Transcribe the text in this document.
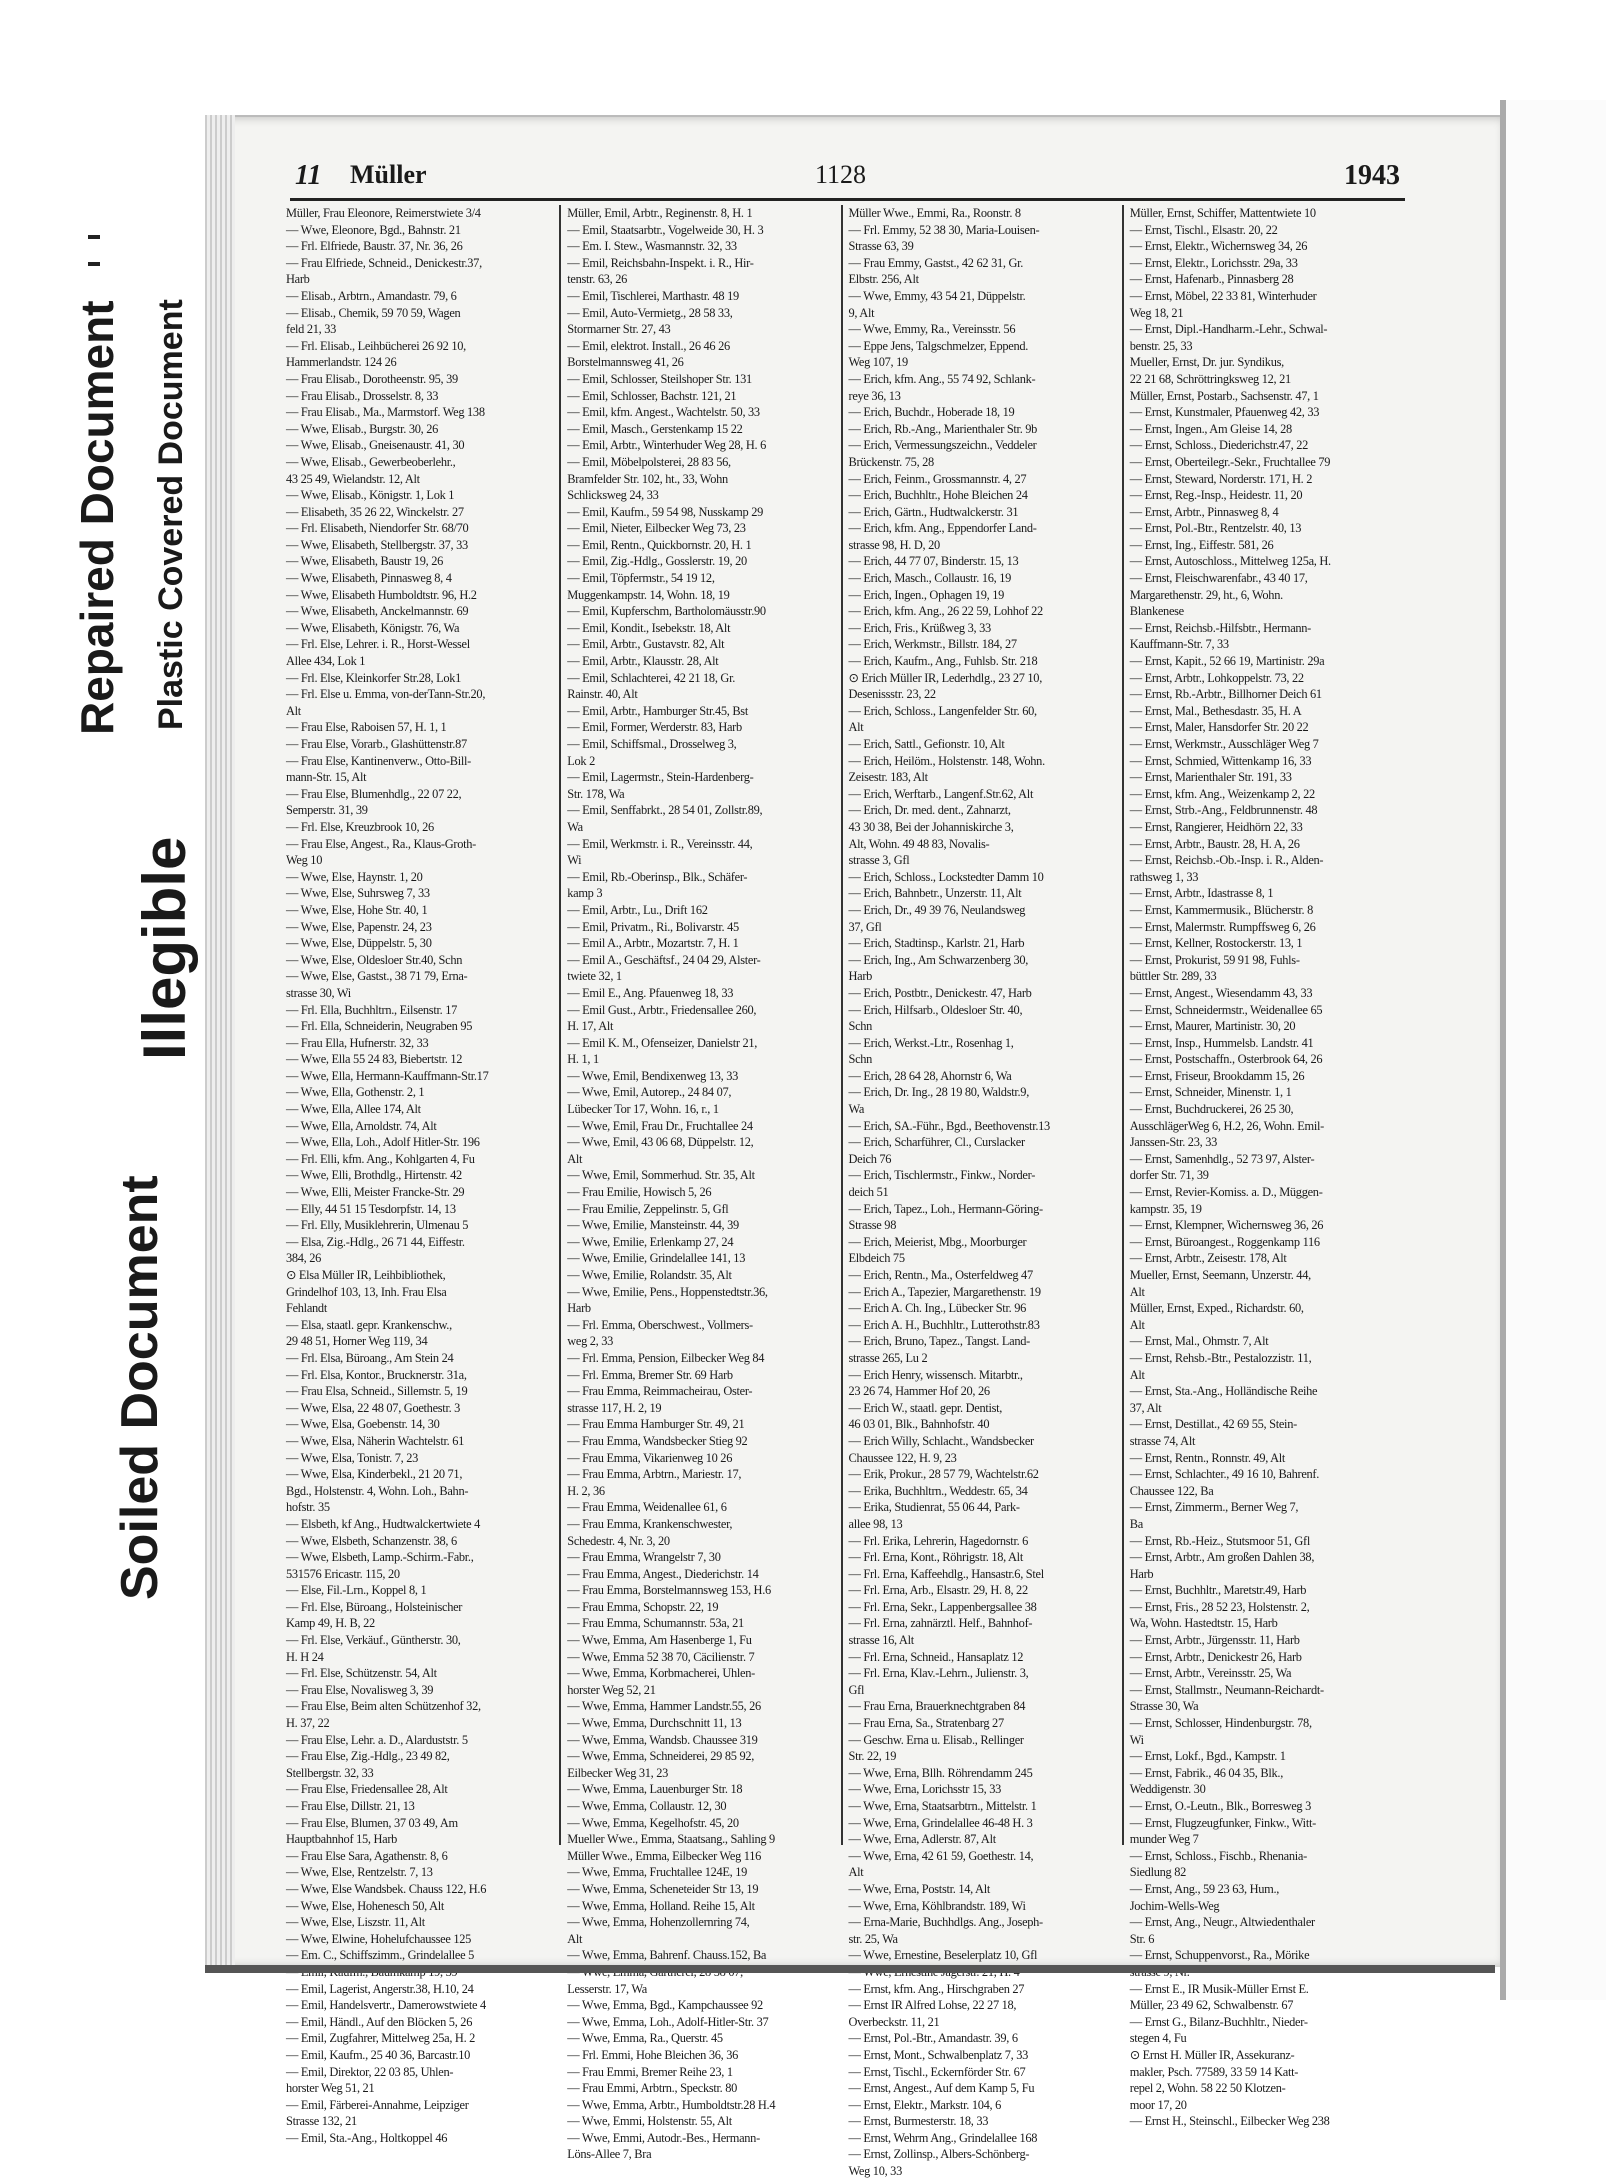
Repaired Document Plastic Covered Document
Illegible
Soiled Document
11 Müller	1128	1943
Müller, Frau Eleonore, Reimerstwiete 3/4
— Wwe, Eleonore, Bgd., Bahnstr. 21
— Frl. Elfriede, Baustr. 37, Nr. 36, 26
— Frau Elfriede, Schneid., Denickestr.37,
Harb
— Elisab., Arbtrn., Amandastr. 79, 6
— Elisab., Chemik, 59 70 59, Wagen
feld 21, 33
— Frl. Elisab., Leihbücherei 26 92 10,
Hammerlandstr. 124 26
— Frau Elisab., Dorotheenstr. 95, 39
— Frau Elisab., Drosselstr. 8, 33
— Frau Elisab., Ma., Marmstorf. Weg 138
— Wwe, Elisab., Burgstr. 30, 26
— Wwe, Elisab., Gneisenaustr. 41, 30
— Wwe, Elisab., Gewerbeoberlehr.,
43 25 49, Wielandstr. 12, Alt
— Wwe, Elisab., Königstr. 1, Lok 1
— Elisabeth, 35 26 22, Winckelstr. 27
— Frl. Elisabeth, Niendorfer Str. 68/70
— Wwe, Elisabeth, Stellbergstr. 37, 33
— Wwe, Elisabeth, Baustr 19, 26
— Wwe, Elisabeth, Pinnasweg 8, 4
— Wwe, Elisabeth Humboldtstr. 96, H.2
— Wwe, Elisabeth, Anckelmannstr. 69
— Wwe, Elisabeth, Königstr. 76, Wa
— Frl. Else, Lehrer. i. R., Horst-Wessel
Allee 434, Lok 1
— Frl. Else, Kleinkorfer Str.28, Lok1
— Frl. Else u. Emma, von-derTann-Str.20,
Alt
— Frau Else, Raboisen 57, H. 1, 1
— Frau Else, Vorarb., Glashüttenstr.87
— Frau Else, Kantinenverw., Otto-Bill-
mann-Str. 15, Alt
— Frau Else, Blumenhdlg., 22 07 22,
Semperstr. 31, 39
— Frl. Else, Kreuzbrook 10, 26
— Frau Else, Angest., Ra., Klaus-Groth-
Weg 10
— Wwe, Else, Haynstr. 1, 20
— Wwe, Else, Suhrsweg 7, 33
— Wwe, Else, Hohe Str. 40, 1
— Wwe, Else, Papenstr. 24, 23
— Wwe, Else, Düppelstr. 5, 30
— Wwe, Else, Oldesloer Str.40, Schn
— Wwe, Else, Gastst., 38 71 79, Erna-
strasse 30, Wi
— Frl. Ella, Buchhltrn., Eilsenstr. 17
— Frl. Ella, Schneiderin, Neugraben 95
— Frau Ella, Hufnerstr. 32, 33
— Wwe, Ella 55 24 83, Biebertstr. 12
— Wwe, Ella, Hermann-Kauffmann-Str.17
— Wwe, Ella, Gothenstr. 2, 1
— Wwe, Ella, Allee 174, Alt
— Wwe, Ella, Arnoldstr. 74, Alt
— Wwe, Ella, Loh., Adolf Hitler-Str. 196
— Frl. Elli, kfm. Ang., Kohlgarten 4, Fu
— Wwe, Elli, Brothdlg., Hirtenstr. 42
— Wwe, Elli, Meister Francke-Str. 29
— Elly, 44 51 15 Tesdorpfstr. 14, 13
— Frl. Elly, Musiklehrerin, Ulmenau 5
— Elsa, Zig.-Hdlg., 26 71 44, Eiffestr.
384, 26
⊙ Elsa Müller IR, Leihbibliothek,
Grindelhof 103, 13, Inh. Frau Elsa
Fehlandt
— Elsa, staatl. gepr. Krankenschw.,
29 48 51, Horner Weg 119, 34
— Frl. Elsa, Büroang., Am Stein 24
— Frl. Elsa, Kontor., Brucknerstr. 31a,
— Frau Elsa, Schneid., Sillemstr. 5, 19
— Wwe, Elsa, 22 48 07, Goethestr. 3
— Wwe, Elsa, Goebenstr. 14, 30
— Wwe, Elsa, Näherin Wachtelstr. 61
— Wwe, Elsa, Tonistr. 7, 23
— Wwe, Elsa, Kinderbekl., 21 20 71,
Bgd., Holstenstr. 4, Wohn. Loh., Bahn-
hofstr. 35
— Elsbeth, kf Ang., Hudtwalckertwiete 4
— Wwe, Elsbeth, Schanzenstr. 38, 6
— Wwe, Elsbeth, Lamp.-Schirm.-Fabr.,
531576 Ericastr. 115, 20
— Else, Fil.-Lrn., Koppel 8, 1
— Frl. Else, Büroang., Holsteinischer
Kamp 49, H. B, 22
— Frl. Else, Verkäuf., Güntherstr. 30,
H. H 24
— Frl. Else, Schützenstr. 54, Alt
— Frau Else, Novalisweg 3, 39
— Frau Else, Beim alten Schützenhof 32,
H. 37, 22
— Frau Else, Lehr. a. D., Alarduststr. 5
— Frau Else, Zig.-Hdlg., 23 49 82,
Stellbergstr. 32, 33
— Frau Else, Friedensallee 28, Alt
— Frau Else, Dillstr. 21, 13
— Frau Else, Blumen, 37 03 49, Am
Hauptbahnhof 15, Harb
— Frau Else Sara, Agathenstr. 8, 6
— Wwe, Else, Rentzelstr. 7, 13
— Wwe, Else Wandsbek. Chauss 122, H.6
— Wwe, Else, Hohenesch 50, Alt
— Wwe, Else, Liszstr. 11, Alt
— Wwe, Elwine, Hohelufchaussee 125
— Em. C., Schiffszimm., Grindelallee 5
— Emil, Lagerist, Angerstr.38, H.10, 24
— Emil, Handelsvertr., Damerowstwiete 4
— Emil, Händl., Auf den Blöcken 5, 26
— Emil, Zugfahrer, Mittelweg 25a, H. 2
— Emil, Kaufm., 25 40 36, Barcastr.10
— Emil, Direktor, 22 03 85, Uhlen-
horster Weg 51, 21
— Emil, Färberei-Annahme, Leipziger
Strasse 132, 21
— Emil, Sta.-Ang., Holtkoppel 46
Müller, Emil, Arbtr., Reginenstr. 8, H. 1
— Emil, Staatsarbtr., Vogelweide 30, H. 3
— Em. I. Stew., Wasmannstr. 32, 33
— Emil, Reichsbahn-Inspekt. i. R., Hir-
tenstr. 63, 26
— Emil, Tischlerei, Marthastr. 48 19
— Emil, Auto-Vermietg., 28 58 33,
Stormarner Str. 27, 43
— Emil, elektrot. Install., 26 46 26
Borstelmannsweg 41, 26
— Emil, Schlosser, Steilshoper Str. 131
— Emil, Schlosser, Bachstr. 121, 21
— Emil, kfm. Angest., Wachtelstr. 50, 33
— Emil, Masch., Gerstenkamp 15 22
— Emil, Arbtr., Winterhuder Weg 28, H. 6
— Emil, Möbelpolsterei, 28 83 56,
Bramfelder Str. 102, ht., 33, Wohn
Schlicksweg 24, 33
— Emil, Kaufm., 59 54 98, Nusskamp 29
— Emil, Nieter, Eilbecker Weg 73, 23
— Emil, Rentn., Quickbornstr. 20, H. 1
— Emil, Zig.-Hdlg., Gosslerstr. 19, 20
— Emil, Töpfermstr., 54 19 12,
Muggenkampstr. 14, Wohn. 18, 19
— Emil, Kupferschm, Bartholomäusstr.90
— Emil, Kondit., Isebekstr. 18, Alt
— Emil, Arbtr., Gustavstr. 82, Alt
— Emil, Arbtr., Klausstr. 28, Alt
— Emil, Schlachterei, 42 21 18, Gr.
Rainstr. 40, Alt
— Emil, Arbtr., Hamburger Str.45, Bst
— Emil, Former, Werderstr. 83, Harb
— Emil, Schiffsmal., Drosselweg 3,
Lok 2
— Emil, Lagermstr., Stein-Hardenberg-
Str. 178, Wa
— Emil, Senffabrkt., 28 54 01, Zollstr.89,
Wa
— Emil, Werkmstr. i. R., Vereinsstr. 44,
Wi
— Emil, Rb.-Oberinsp., Blk., Schäfer-
kamp 3
— Emil, Arbtr., Lu., Drift 162
— Emil, Privatm., Ri., Bolivarstr. 45
— Emil A., Arbtr., Mozartstr. 7, H. 1
— Emil A., Geschäftsf., 24 04 29, Alster-
twiete 32, 1
— Emil E., Ang. Pfauenweg 18, 33
— Emil Gust., Arbtr., Friedensallee 260,
H. 17, Alt
— Emil K. M., Ofenseizer, Danielstr 21,
H. 1, 1
— Wwe, Emil, Bendixenweg 13, 33
— Wwe, Emil, Autorep., 24 84 07,
Lübecker Tor 17, Wohn. 16, r., 1
— Wwe, Emil, Frau Dr., Fruchtallee 24
— Wwe, Emil, 43 06 68, Düppelstr. 12,
Alt
— Wwe, Emil, Sommerhud. Str. 35, Alt
— Frau Emilie, Howisch 5, 26
— Frau Emilie, Zeppelinstr. 5, Gfl
— Wwe, Emilie, Mansteinstr. 44, 39
— Wwe, Emilie, Erlenkamp 27, 24
— Wwe, Emilie, Grindelallee 141, 13
— Wwe, Emilie, Rolandstr. 35, Alt
— Wwe, Emilie, Pens., Hoppenstedtstr.36,
Harb
— Frl. Emma, Oberschwest., Vollmers-
weg 2, 33
— Frl. Emma, Pension, Eilbecker Weg 84
— Frl. Emma, Bremer Str. 69 Harb
— Frau Emma, Reimmacheirau, Oster-
strasse 117, H. 2, 19
— Frau Emma Hamburger Str. 49, 21
— Frau Emma, Wandsbecker Stieg 92
— Frau Emma, Vikarienweg 10 26
— Frau Emma, Arbtrn., Mariestr. 17,
H. 2, 36
— Frau Emma, Weidenallee 61, 6
— Frau Emma, Krankenschwester,
Schedestr. 4, Nr. 3, 20
— Frau Emma, Wrangelstr 7, 30
— Frau Emma, Angest., Diederichstr. 14
— Frau Emma, Borstelmannsweg 153, H.6
— Frau Emma, Schopstr. 22, 19
— Frau Emma, Schumannstr. 53a, 21
— Wwe, Emma, Am Hasenberge 1, Fu
— Wwe, Emma 52 38 70, Cäcilienstr. 7
— Wwe, Emma, Korbmacherei, Uhlen-
horster Weg 52, 21
— Wwe, Emma, Hammer Landstr.55, 26
— Wwe, Emma, Durchschnitt 11, 13
— Wwe, Emma, Wandsb. Chaussee 319
— Wwe, Emma, Schneiderei, 29 85 92,
Eilbecker Weg 31, 23
— Wwe, Emma, Lauenburger Str. 18
— Wwe, Emma, Collaustr. 12, 30
— Wwe, Emma, Kegelhofstr. 45, 20
Mueller Wwe., Emma, Staatsang., Sahling 9
Müller Wwe., Emma, Eilbecker Weg 116
— Wwe, Emma, Fruchtallee 124E, 19
— Wwe, Emma, Scheneteider Str 13, 19
— Wwe, Emma, Holland. Reihe 15, Alt
— Wwe, Emma, Hohenzollernring 74,
Alt
— Wwe, Emma, Bahrenf. Chauss.152, Ba
Lesserstr. 17, Wa
— Wwe, Emma, Bgd., Kampchaussee 92
— Wwe, Emma, Loh., Adolf-Hitler-Str. 37
— Wwe, Emma, Ra., Querstr. 45
— Frl. Emmi, Hohe Bleichen 36, 36
— Frau Emmi, Bremer Reihe 23, 1
— Frau Emmi, Arbtrn., Speckstr. 80
— Wwe, Emma, Arbtr., Humboldtstr.28 H.4
— Wwe, Emmi, Holstenstr. 55, Alt
— Wwe, Emmi, Autodr.-Bes., Hermann-
Löns-Allee 7, Bra
Müller Wwe., Emmi, Ra., Roonstr. 8
— Frl. Emmy, 52 38 30, Maria-Louisen-
Strasse 63, 39
— Frau Emmy, Gastst., 42 62 31, Gr.
Elbstr. 256, Alt
— Wwe, Emmy, 43 54 21, Düppelstr.
9, Alt
— Wwe, Emmy, Ra., Vereinsstr. 56
— Eppe Jens, Talgschmelzer, Eppend.
Weg 107, 19
— Erich, kfm. Ang., 55 74 92, Schlank-
reye 36, 13
— Erich, Buchdr., Hoberade 18, 19
— Erich, Rb.-Ang., Marienthaler Str. 9b
— Erich, Vermessungszeichn., Veddeler
Brückenstr. 75, 28
— Erich, Feinm., Grossmannstr. 4, 27
— Erich, Buchhltr., Hohe Bleichen 24
— Erich, Gärtn., Hudtwalckerstr. 31
— Erich, kfm. Ang., Eppendorfer Land-
strasse 98, H. D, 20
— Erich, 44 77 07, Binderstr. 15, 13
— Erich, Masch., Collaustr. 16, 19
— Erich, Ingen., Ophagen 19, 19
— Erich, kfm. Ang., 26 22 59, Lohhof 22
— Erich, Fris., Krüßweg 3, 33
— Erich, Werkmstr., Billstr. 184, 27
— Erich, Kaufm., Ang., Fuhlsb. Str. 218
⊙ Erich Müller IR, Lederhdlg., 23 27 10,
Desenissstr. 23, 22
— Erich, Schloss., Langenfelder Str. 60,
Alt
— Erich, Sattl., Gefionstr. 10, Alt
— Erich, Heilöm., Holstenstr. 148, Wohn.
Zeisestr. 183, Alt
— Erich, Werftarb., Langenf.Str.62, Alt
— Erich, Dr. med. dent., Zahnarzt,
43 30 38, Bei der Johanniskirche 3,
Alt, Wohn. 49 48 83, Novalis-
strasse 3, Gfl
— Erich, Schloss., Lockstedter Damm 10
— Erich, Bahnbetr., Unzerstr. 11, Alt
— Erich, Dr., 49 39 76, Neulandsweg
37, Gfl
— Erich, Stadtinsp., Karlstr. 21, Harb
— Erich, Ing., Am Schwarzenberg 30,
Harb
— Erich, Postbtr., Denickestr. 47, Harb
— Erich, Hilfsarb., Oldesloer Str. 40,
Schn
— Erich, Werkst.-Ltr., Rosenhag 1,
Schn
— Erich, 28 64 28, Ahornstr 6, Wa
— Erich, Dr. Ing., 28 19 80, Waldstr.9,
Wa
— Erich, SA.-Führ., Bgd., Beethovenstr.13
— Erich, Scharführer, Cl., Curslacker
Deich 76
— Erich, Tischlermstr., Finkw., Norder-
deich 51
— Erich, Tapez., Loh., Hermann-Göring-
Strasse 98
— Erich, Meierist, Mbg., Moorburger
Elbdeich 75
— Erich, Rentn., Ma., Osterfeldweg 47
— Erich A., Tapezier, Margarethenstr. 19
— Erich A. Ch. Ing., Lübecker Str. 96
— Erich A. H., Buchhltr., Lutterothstr.83
— Erich, Bruno, Tapez., Tangst. Land-
strasse 265, Lu 2
— Erich Henry, wissensch. Mitarbtr.,
23 26 74, Hammer Hof 20, 26
— Erich W., staatl. gepr. Dentist,
46 03 01, Blk., Bahnhofstr. 40
— Erich Willy, Schlacht., Wandsbecker
Chaussee 122, H. 9, 23
— Erik, Prokur., 28 57 79, Wachtelstr.62
— Erika, Buchhltrn., Weddestr. 65, 34
— Erika, Studienrat, 55 06 44, Park-
allee 98, 13
— Frl. Erika, Lehrerin, Hagedornstr. 6
— Frl. Erna, Kont., Röhrigstr. 18, Alt
— Frl. Erna, Kaffeehdlg., Hansastr.6, Stel
— Frl. Erna, Arb., Elsastr. 29, H. 8, 22
— Frl. Erna, Sekr., Lappenbergsallee 38
— Frl. Erna, zahnärztl. Helf., Bahnhof-
strasse 16, Alt
— Frl. Erna, Schneid., Hansaplatz 12
— Frl. Erna, Klav.-Lehrn., Julienstr. 3,
Gfl
— Frau Erna, Brauerknechtgraben 84
— Frau Erna, Sa., Stratenbarg 27
— Geschw. Erna u. Elisab., Rellinger
Str. 22, 19
— Wwe, Erna, Bllh. Röhrendamm 245
— Wwe, Erna, Lorichsstr 15, 33
— Wwe, Erna, Staatsarbtrn., Mittelstr. 1
— Wwe, Erna, Grindelallee 46-48 H. 3
— Wwe, Erna, Adlerstr. 87, Alt
— Wwe, Erna, 42 61 59, Goethestr. 14,
Alt
— Wwe, Erna, Poststr. 14, Alt
— Wwe, Erna, Köhlbrandstr. 189, Wi
— Erna-Marie, Buchhdlgs. Ang., Joseph-
str. 25, Wa
— Wwe, Ernestine, Beselerplatz 10, Gfl
— Ernst, kfm. Ang., Hirschgraben 27
— Ernst IR Alfred Lohse, 22 27 18,
Overbeckstr. 11, 21
— Ernst, Pol.-Btr., Amandastr. 39, 6
— Ernst, Mont., Schwalbenplatz 7, 33
— Ernst, Tischl., Eckernförder Str. 67
— Ernst, Angest., Auf dem Kamp 5, Fu
— Ernst, Elektr., Markstr. 104, 6
— Ernst, Burmesterstr. 18, 33
— Ernst, Wehrm Ang., Grindelallee 168
— Ernst, Zollinsp., Albers-Schönberg-
Weg 10, 33
Müller, Ernst, Schiffer, Mattentwiete 10
— Ernst, Tischl., Elsastr. 20, 22
— Ernst, Elektr., Wichernsweg 34, 26
— Ernst, Elektr., Lorichsstr. 29a, 33
— Ernst, Hafenarb., Pinnasberg 28
— Ernst, Möbel, 22 33 81, Winterhuder
Weg 18, 21
— Ernst, Dipl.-Handharm.-Lehr., Schwal-
benstr. 25, 33
Mueller, Ernst, Dr. jur. Syndikus,
22 21 68, Schröttringksweg 12, 21
Müller, Ernst, Postarb., Sachsenstr. 47, 1
— Ernst, Kunstmaler, Pfauenweg 42, 33
— Ernst, Ingen., Am Gleise 14, 28
— Ernst, Schloss., Diederichstr.47, 22
— Ernst, Oberteilegr.-Sekr., Fruchtallee 79
— Ernst, Steward, Norderstr. 171, H. 2
— Ernst, Reg.-Insp., Heidestr. 11, 20
— Ernst, Arbtr., Pinnasweg 8, 4
— Ernst, Pol.-Btr., Rentzelstr. 40, 13
— Ernst, Ing., Eiffestr. 581, 26
— Ernst, Autoschloss., Mittelweg 125a, H.
— Ernst, Fleischwarenfabr., 43 40 17,
Margarethenstr. 29, ht., 6, Wohn.
Blankenese
— Ernst, Reichsb.-Hilfsbtr., Hermann-
Kauffmann-Str. 7, 33
— Ernst, Kapit., 52 66 19, Martinistr. 29a
— Ernst, Arbtr., Lohkoppelstr. 73, 22
— Ernst, Rb.-Arbtr., Billhorner Deich 61
— Ernst, Mal., Bethesdastr. 35, H. A
— Ernst, Maler, Hansdorfer Str. 20 22
— Ernst, Werkmstr., Ausschläger Weg 7
— Ernst, Schmied, Wittenkamp 16, 33
— Ernst, Marienthaler Str. 191, 33
— Ernst, kfm. Ang., Weizenkamp 2, 22
— Ernst, Strb.-Ang., Feldbrunnenstr. 48
— Ernst, Rangierer, Heidhörn 22, 33
— Ernst, Arbtr., Baustr. 28, H. A, 26
— Ernst, Reichsb.-Ob.-Insp. i. R., Alden-
rathsweg 1, 33
— Ernst, Arbtr., Idastrasse 8, 1
— Ernst, Kammermusik., Blücherstr. 8
— Ernst, Malermstr. Rumpffsweg 6, 26
— Ernst, Kellner, Rostockerstr. 13, 1
— Ernst, Prokurist, 59 91 98, Fuhls-
büttler Str. 289, 33
— Ernst, Angest., Wiesendamm 43, 33
— Ernst, Schneidermstr., Weidenallee 65
— Ernst, Maurer, Martinistr. 30, 20
— Ernst, Insp., Hummelsb. Landstr. 41
— Ernst, Postschaffn., Osterbrook 64, 26
— Ernst, Friseur, Brookdamm 15, 26
— Ernst, Schneider, Minenstr. 1, 1
— Ernst, Buchdruckerei, 26 25 30,
AusschlägerWeg 6, H.2, 26, Wohn. Emil-
Janssen-Str. 23, 33
— Ernst, Samenhdlg., 52 73 97, Alster-
dorfer Str. 71, 39
— Ernst, Revier-Komiss. a. D., Müggen-
kampstr. 35, 19
— Ernst, Klempner, Wichernsweg 36, 26
— Ernst, Büroangest., Roggenkamp 116
— Ernst, Arbtr., Zeisestr. 178, Alt
Mueller, Ernst, Seemann, Unzerstr. 44,
Alt
Müller, Ernst, Exped., Richardstr. 60,
Alt
— Ernst, Mal., Ohmstr. 7, Alt
— Ernst, Rehsb.-Btr., Pestalozzistr. 11,
Alt
— Ernst, Sta.-Ang., Holländische Reihe
37, Alt
— Ernst, Destillat., 42 69 55, Stein-
strasse 74, Alt
— Ernst, Rentn., Ronnstr. 49, Alt
— Ernst, Schlachter., 49 16 10, Bahrenf.
Chaussee 122, Ba
— Ernst, Zimmerm., Berner Weg 7,
Ba
— Ernst, Rb.-Heiz., Stutsmoor 51, Gfl
— Ernst, Arbtr., Am großen Dahlen 38,
Harb
— Ernst, Buchhltr., Maretstr.49, Harb
— Ernst, Fris., 28 52 23, Holstenstr. 2,
Wa, Wohn. Hastedtstr. 15, Harb
— Ernst, Arbtr., Jürgensstr. 11, Harb
— Ernst, Arbtr., Denickestr 26, Harb
— Ernst, Arbtr., Vereinsstr. 25, Wa
— Ernst, Stallmstr., Neumann-Reichardt-
Strasse 30, Wa
— Ernst, Schlosser, Hindenburgstr. 78,
Wi
— Ernst, Lokf., Bgd., Kampstr. 1
— Ernst, Fabrik., 46 04 35, Blk.,
Weddigenstr. 30
— Ernst, O.-Leutn., Blk., Borresweg 3
— Ernst, Flugzeugfunker, Finkw., Witt-
munder Weg 7
— Ernst, Schloss., Fischb., Rhenania-
Siedlung 82
— Ernst, Ang., 59 23 63, Hum.,
Jochim-Wells-Weg
— Ernst, Ang., Neugr., Altwiedenthaler
Str. 6
— Ernst, Schuppenvorst., Ra., Mörike
— Ernst E., IR Musik-Müller Ernst E.
Müller, 23 49 62, Schwalbenstr. 67
— Ernst G., Bilanz-Buchhltr., Nieder-
stegen 4, Fu
⊙ Ernst H. Müller IR, Assekuranz-
makler, Psch. 77589, 33 59 14 Katt-
repel 2, Wohn. 58 22 50 Klotzen-
moor 17, 20
— Ernst H., Steinschl., Eilbecker Weg 238
